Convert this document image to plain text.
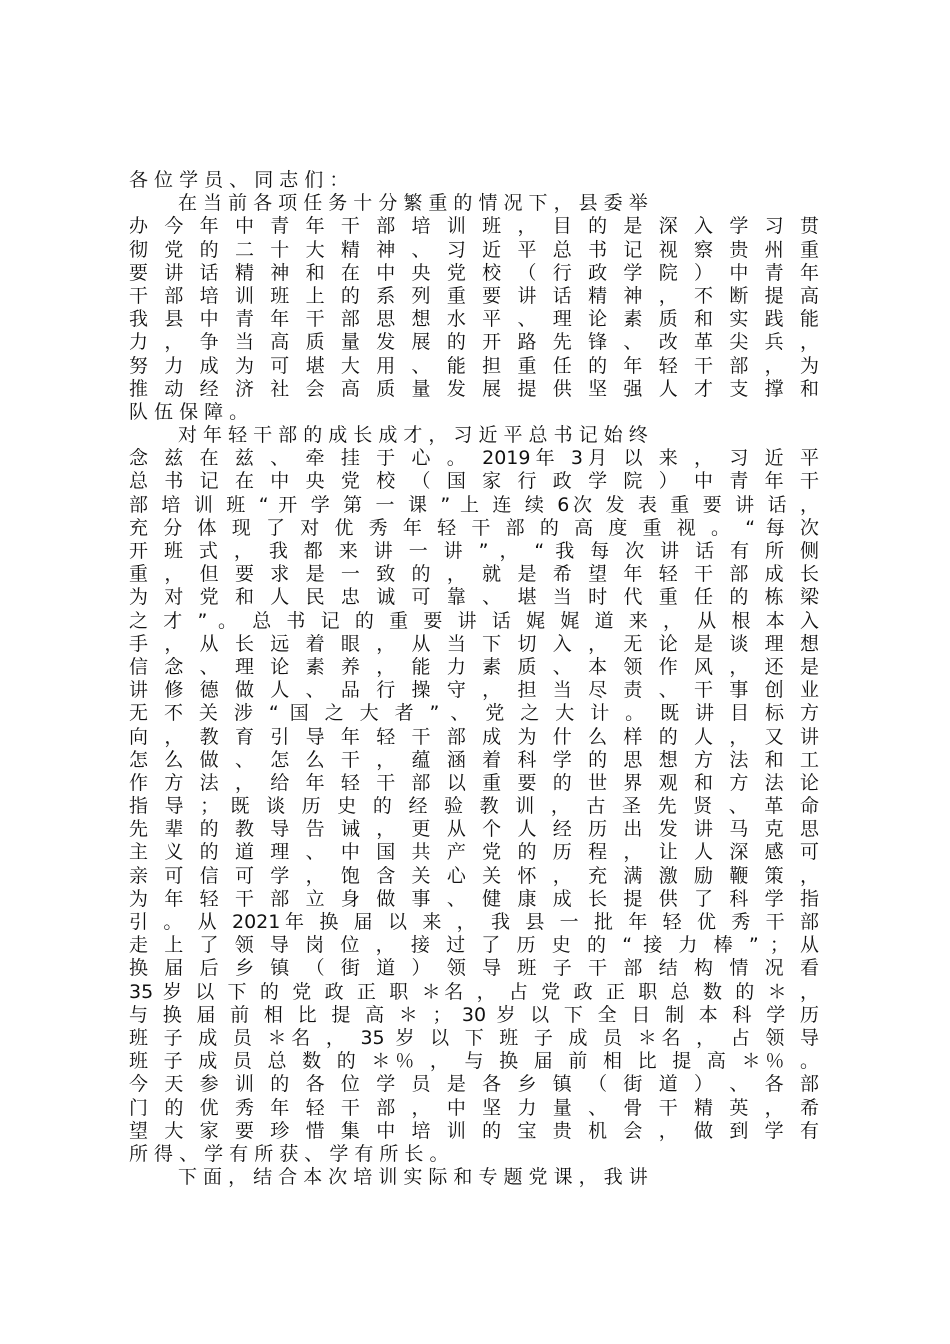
各 位 学 员 、 同 志 们 ：
在 当 前 各 项 任 务 十 分 繁 重 的 情 况 下 ， 县 委 举
办 今 年 中 青 年 干 部 培 训 班 ， 目 的 是 深 入 学 习 贯
彻 党 的 二 十 大 精 神 、 习 近 平 总 书 记 视 察 贵 州 重
要 讲 话 精 神 和 在 中 央 党 校 （ 行 政 学 院 ） 中 青 年
干 部 培 训 班 上 的 系 列 重 要 讲 话 精 神 ， 不 断 提 高
我 县 中 青 年 干 部 思 想 水 平 、 理 论 素 质 和 实 践 能
力 ， 争 当 高 质 量 发 展 的 开 路 先 锋 、 改 革 尖 兵 ，
努 力 成 为 可 堪 大 用 、 能 担 重 任 的 年 轻 干 部 ， 为
推 动 经 济 社 会 高 质 量 发 展 提 供 坚 强 人 才 支 撑 和
队 伍 保 障 。
对 年 轻 干 部 的 成 长 成 才 ， 习 近 平 总 书 记 始 终
念 兹 在 兹 、 牵 挂 于 心 。 2019年 3月 以 来 ， 习 近 平
总 书 记 在 中 央 党 校 （ 国 家 行 政 学 院 ） 中 青 年 干
部 培 训 班 “ 开 学 第 一 课 ” 上 连 续 6次 发 表 重 要 讲 话 ，
充 分 体 现 了 对 优 秀 年 轻 干 部 的 高 度 重 视 。 “ 每 次
开 班 式 ， 我 都 来 讲 一 讲 ” ， “ 我 每 次 讲 话 有 所 侧
重 ， 但 要 求 是 一 致 的 ， 就 是 希 望 年 轻 干 部 成 长
为 对 党 和 人 民 忠 诚 可 靠 、 堪 当 时 代 重 任 的 栋 梁
之 才 ” 。 总 书 记 的 重 要 讲 话 娓 娓 道 来 ， 从 根 本 入
手 ， 从 长 远 着 眼 ， 从 当 下 切 入 ， 无 论 是 谈 理 想
信 念 、 理 论 素 养 ， 能 力 素 质 、 本 领 作 风 ， 还 是
讲 修 德 做 人 、 品 行 操 守 ， 担 当 尽 责 、 干 事 创 业
无 不 关 涉 “ 国 之 大 者 ” 、 党 之 大 计 。 既 讲 目 标 方
向 ， 教 育 引 导 年 轻 干 部 成 为 什 么 样 的 人 ， 又 讲
怎 么 做 、 怎 么 干 ， 蕴 涵 着 科 学 的 思 想 方 法 和 工
作 方 法 ， 给 年 轻 干 部 以 重 要 的 世 界 观 和 方 法 论
指 导 ； 既 谈 历 史 的 经 验 教 训 ， 古 圣 先 贤 、 革 命
先 辈 的 教 导 告 诫 ， 更 从 个 人 经 历 出 发 讲 马 克 思
主 义 的 道 理 、 中 国 共 产 党 的 历 程 ， 让 人 深 感 可
亲 可 信 可 学 ， 饱 含 关 心 关 怀 ， 充 满 激 励 鞭 策 ，
为 年 轻 干 部 立 身 做 事 、 健 康 成 长 提 供 了 科 学 指
引 。 从 2021年 换 届 以 来 ， 我 县 一 批 年 轻 优 秀 干 部
走 上 了 领 导 岗 位 ， 接 过 了 历 史 的 “ 接 力 棒 ” ； 从
换 届 后 乡 镇 （ 街 道 ） 领 导 班 子 干 部 结 构 情 况 看
35 岁 以 下 的 党 政 正 职 ＊名 ， 占 党 政 正 职 总 数 的 ＊ ，
与 换 届 前 相 比 提 高 ＊ ； 30 岁 以 下 全 日 制 本 科 学 历
班 子 成 员 ＊名 ， 35 岁 以 下 班 子 成 员 ＊名 ， 占 领 导
班 子 成 员 总 数 的 ＊％ ， 与 换 届 前 相 比 提 高 ＊％ 。
今 天 参 训 的 各 位 学 员 是 各 乡 镇 （ 街 道 ） 、 各 部
门 的 优 秀 年 轻 干 部 ， 中 坚 力 量 、 骨 干 精 英 ， 希
望 大 家 要 珍 惜 集 中 培 训 的 宝 贵 机 会 ， 做 到 学 有
所 得 、 学 有 所 获 、 学 有 所 长 。
下 面 ， 结 合 本 次 培 训 实 际 和 专 题 党 课 ， 我 讲
